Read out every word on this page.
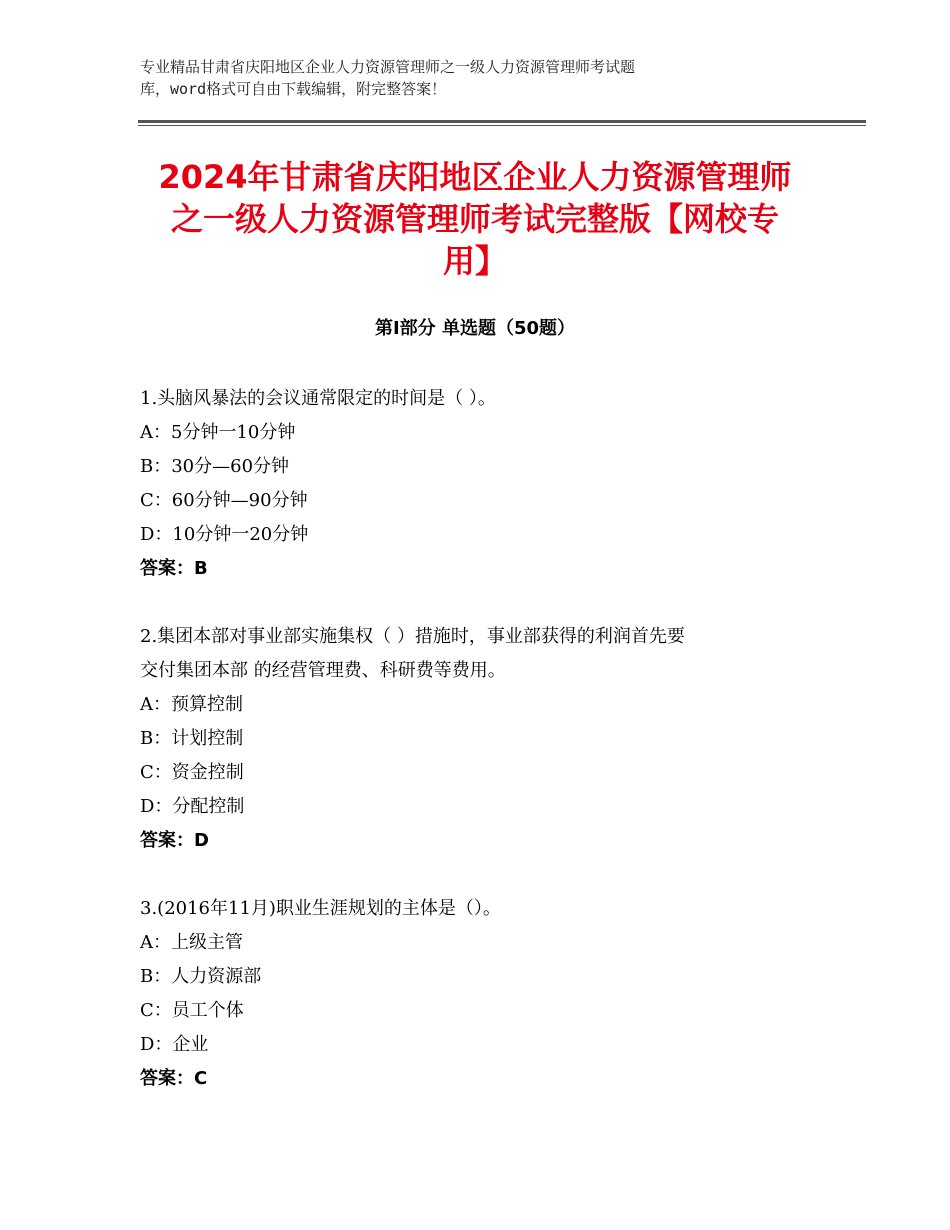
专业精品甘肃省庆阳地区企业人力资源管理师之一级人力资源管理师考试题
库，word格式可自由下载编辑，附完整答案！
2024年甘肃省庆阳地区企业人力资源管理师
之一级人力资源管理师考试完整版【网校专
用】
第Ⅰ部分 单选题（50题）
1.头脑风暴法的会议通常限定的时间是（ ）。
A：5分钟一10分钟
B：30分—60分钟
C：60分钟—90分钟
D：10分钟一20分钟
答案：B
2.集团本部对事业部实施集权（ ）措施时，事业部获得的利润首先要
交付集团本部 的经营管理费、科研费等费用。
A：预算控制
B：计划控制
C：资金控制
D：分配控制
答案：D
3.(2016年11月)职业生涯规划的主体是（）。
A：上级主管
B：人力资源部
C：员工个体
D：企业
答案：C
